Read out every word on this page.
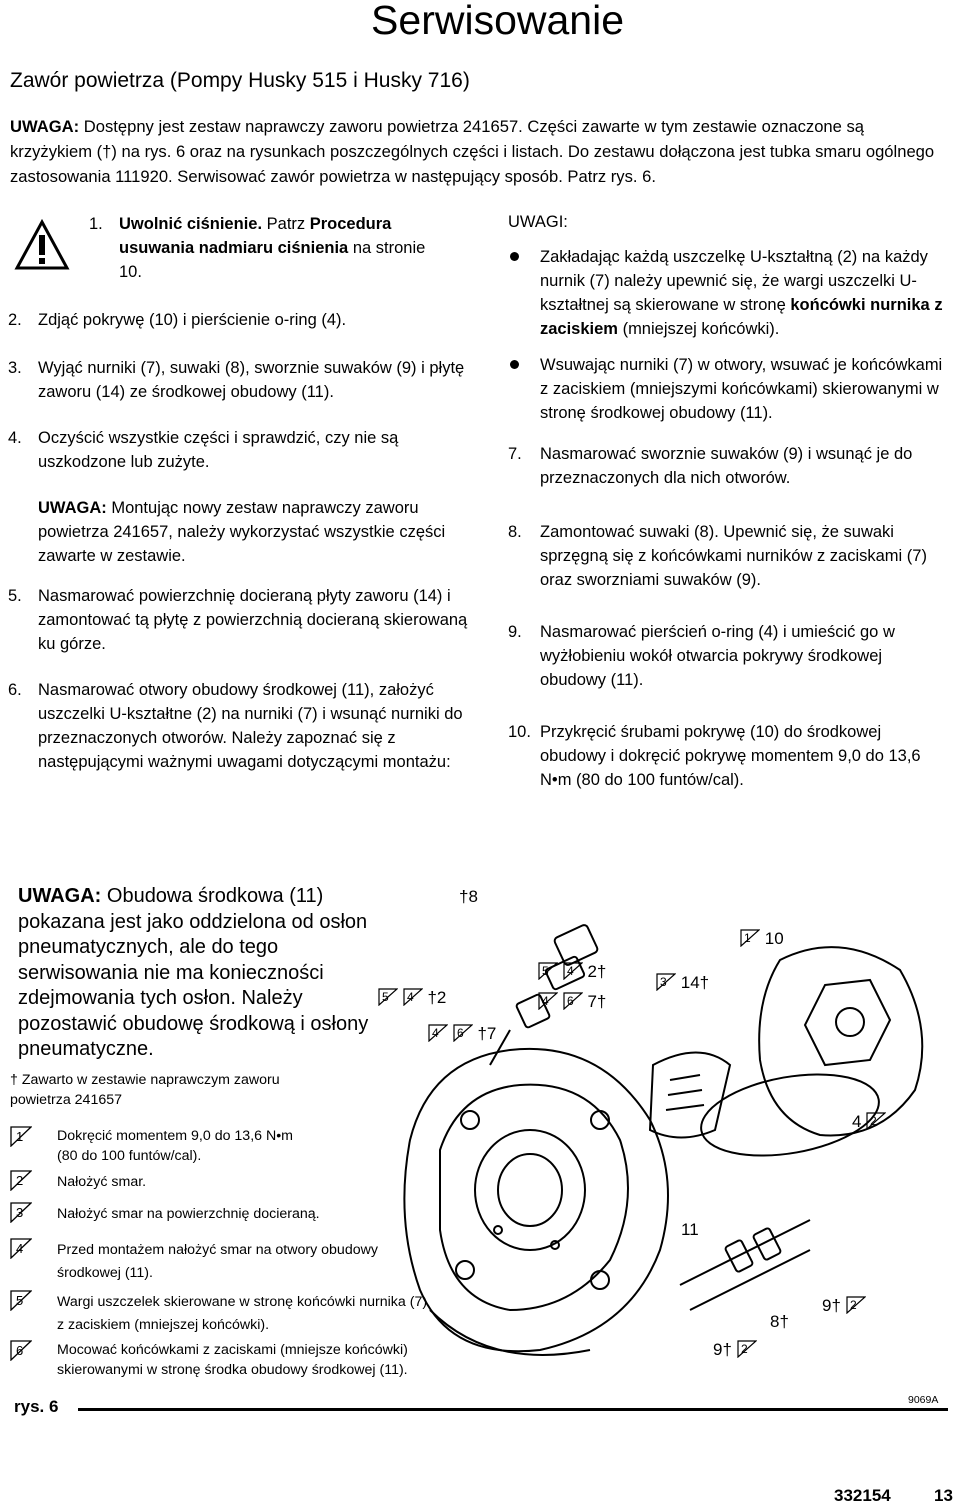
Serwisowanie
Zawór powietrza (Pompy Husky 515 i Husky 716)
UWAGA: Dostępny jest zestaw naprawczy zaworu powietrza 241657. Części zawarte w tym zestawie oznaczone są krzyżykiem (†) na rys. 6 oraz na rysunkach poszczególnych części i listach. Do zestawu dołączona jest tubka smaru ogólnego zastosowania 111920. Serwisować zawór powietrza w następujący sposób. Patrz rys. 6.
1. Uwolnić ciśnienie. Patrz Procedura usuwania nadmiaru ciśnienia na stronie 10.
2. Zdjąć pokrywę (10) i pierścienie o-ring (4).
3. Wyjąć nurniki (7), suwaki (8), sworznie suwaków (9) i płytę zaworu (14) ze środkowej obudowy (11).
4. Oczyścić wszystkie części i sprawdzić, czy nie są uszkodzone lub zużyte.
UWAGA: Montując nowy zestaw naprawczy zaworu powietrza 241657, należy wykorzystać wszystkie części zawarte w zestawie.
5. Nasmarować powierzchnię docieraną płyty zaworu (14) i zamontować tą płytę z powierzchnią docieraną skierowaną ku górze.
6. Nasmarować otwory obudowy środkowej (11), założyć uszczelki U-kształtne (2) na nurniki (7) i wsunąć nurniki do przeznaczonych otworów. Należy zapoznać się z następującymi ważnymi uwagami dotyczącymi montażu:
UWAGI:
Zakładając każdą uszczelkę U-kształtną (2) na każdy nurnik (7) należy upewnić się, że wargi uszczelki U-kształtnej są skierowane w stronę końcówki nurnika z zaciskiem (mniejszej końcówki).
Wsuwając nurniki (7) w otwory, wsuwać je końcówkami z zaciskiem (mniejszymi końcówkami) skierowanymi w stronę środkowej obudowy (11).
7.	Nasmarować sworznie suwaków (9) i wsunąć je do przeznaczonych dla nich otworów.
8.	Zamontować suwaki (8). Upewnić się, że suwaki sprzęgną się z końcówkami nurników z zaciskami (7) oraz sworzniami suwaków (9).
9.	Nasmarować pierścień o-ring (4) i umieścić go w wyżłobieniu wokół otwarcia pokrywy środkowej obudowy (11).
10. Przykręcić śrubami pokrywę (10) do środkowej obudowy i dokręcić pokrywę momentem 9,0 do 13,6 N•m (80 do 100 funtów/cal).
UWAGA: Obudowa środkowa (11) pokazana jest jako oddzielona od osłon pneumatycznych, ale do tego serwisowania nie ma konieczności zdejmowania tych osłon. Należy pozostawić obudowę środkową i osłony pneumatyczne.
† Zawarto w zestawie naprawczym zaworu powietrza 241657
1 Dokręcić momentem 9,0 do 13,6 N•m
(80 do 100 funtów/cal).
2 Nałożyć smar.
3 Nałożyć smar na powierzchnię docieraną.
4 Przed montażem nałożyć smar na otwory obudowy
środkowej (11).
5 Wargi uszczelek skierowane w stronę końcówki nurnika (7)
z zaciskiem (mniejszej końcówki).
6 Mocować końcówkami z zaciskami (mniejsze końcówki)
skierowanymi w stronę środka obudowy środkowej (11).
†8
1 10
5
4 2†
4
6 7†
5
4 †2
4
6 †7
3 14†
4 2
11
9† 2
8†
9† 2
rys. 6	9069A
332154	13
